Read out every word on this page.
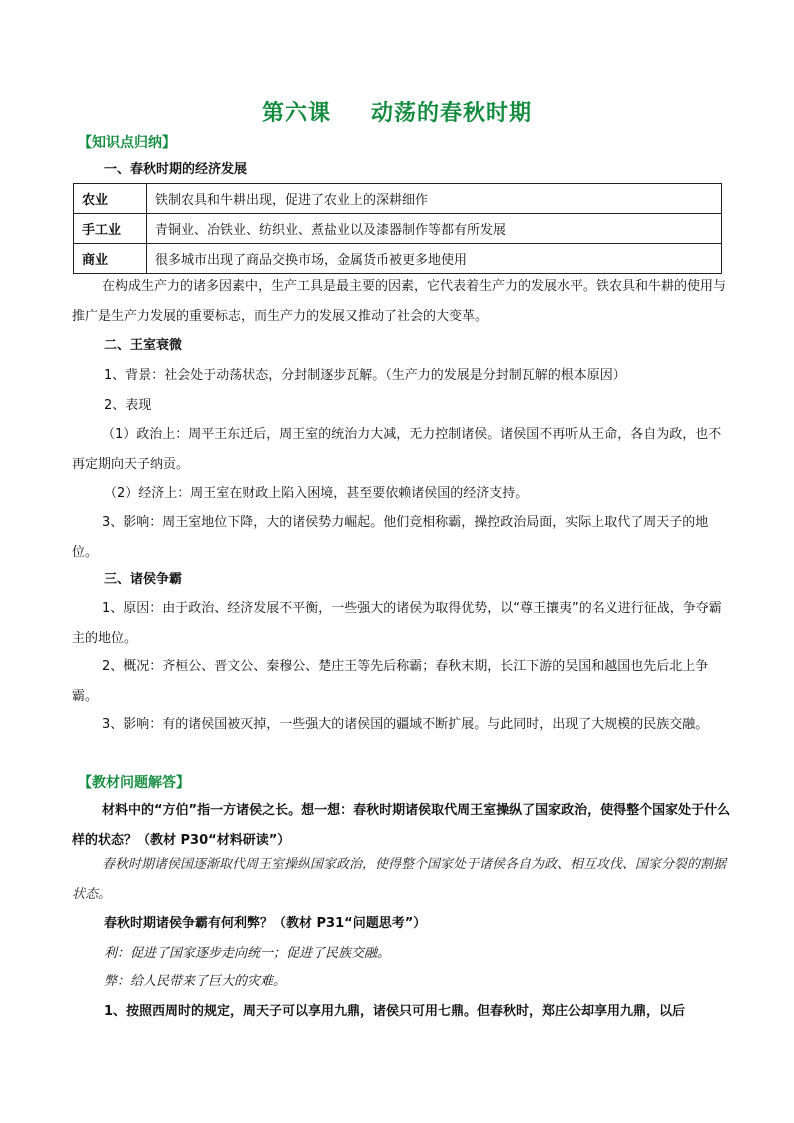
第六课 动荡的春秋时期
【知识点归纳】
一、春秋时期的经济发展
农业	铁制农具和牛耕出现，促进了农业上的深耕细作
手工业	青铜业、冶铁业、纺织业、煮盐业以及漆器制作等都有所发展
商业	很多城市出现了商品交换市场，金属货币被更多地使用
在构成生产力的诸多因素中，生产工具是最主要的因素，它代表着生产力的发展水平。铁农具和牛耕的使用与推广是生产力发展的重要标志，而生产力的发展又推动了社会的大变革。
二、王室衰微
1、背景：社会处于动荡状态，分封制逐步瓦解。（生产力的发展是分封制瓦解的根本原因）
2、表现
（1）政治上：周平王东迁后，周王室的统治力大减，无力控制诸侯。诸侯国不再听从王命，各自为政，也不再定期向天子纳贡。
（2）经济上：周王室在财政上陷入困境，甚至要依赖诸侯国的经济支持。
3、影响：周王室地位下降，大的诸侯势力崛起。他们竞相称霸，操控政治局面，实际上取代了周天子的地位。
三、诸侯争霸
1、原因：由于政治、经济发展不平衡，一些强大的诸侯为取得优势，以“尊王攘夷”的名义进行征战，争夺霸主的地位。
2、概况：齐桓公、晋文公、秦穆公、楚庄王等先后称霸；春秋末期，长江下游的吴国和越国也先后北上争霸。
3、影响：有的诸侯国被灭掉，一些强大的诸侯国的疆域不断扩展。与此同时，出现了大规模的民族交融。
【教材问题解答】
材料中的“方伯”指一方诸侯之长。想一想：春秋时期诸侯取代周王室操纵了国家政治，使得整个国家处于什么样的状态？（教材 P30“材料研读”）
春秋时期诸侯国逐渐取代周王室操纵国家政治，使得整个国家处于诸侯各自为政、相互攻伐、国家分裂的割据状态。
春秋时期诸侯争霸有何利弊？（教材 P31“问题思考”）
利：促进了国家逐步走向统一；促进了民族交融。
弊：给人民带来了巨大的灾难。
1、按照西周时的规定，周天子可以享用九鼎，诸侯只可用七鼎。但春秋时，郑庄公却享用九鼎，以后
